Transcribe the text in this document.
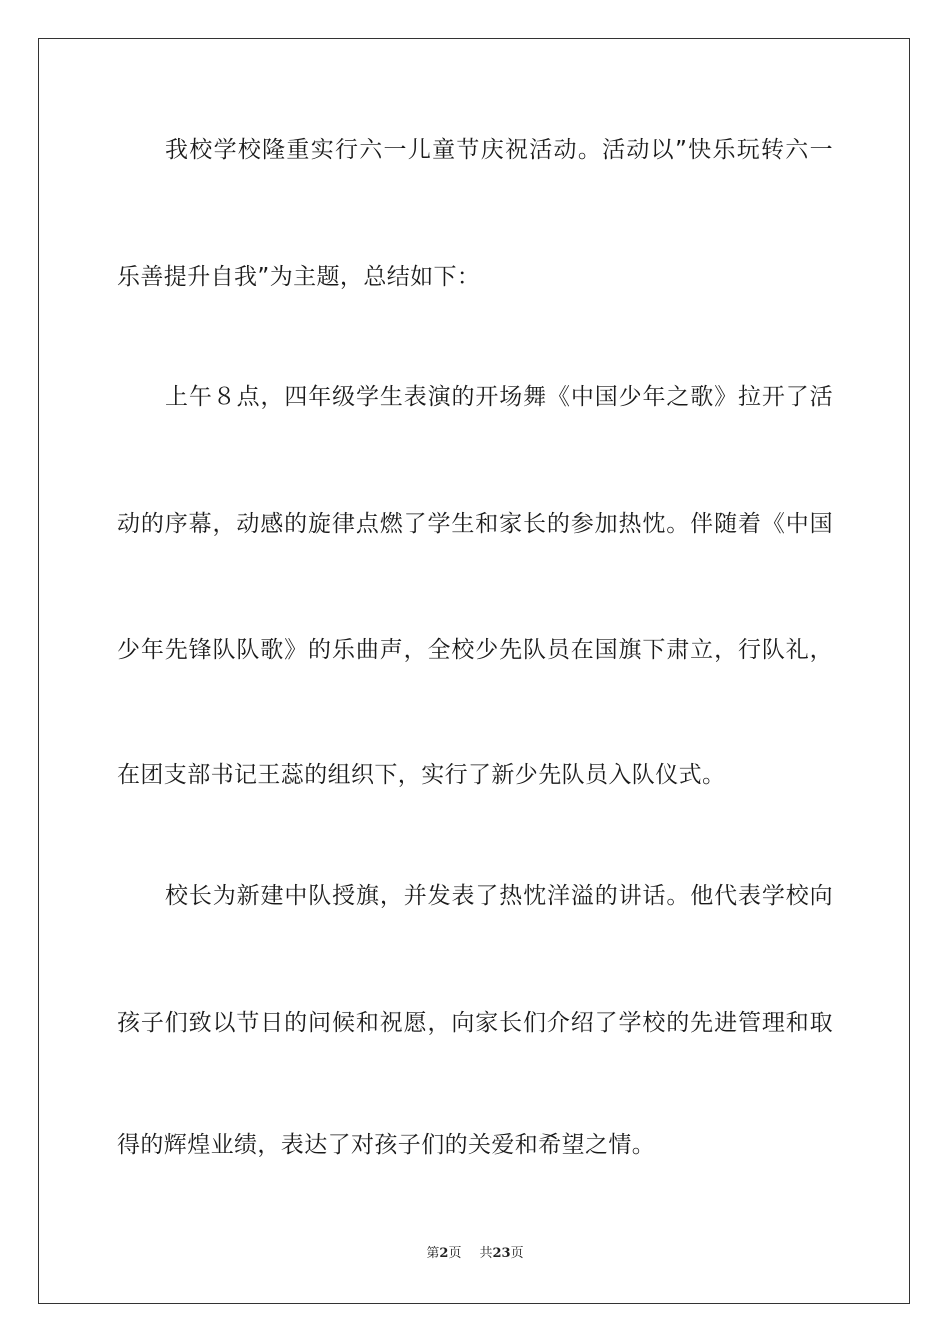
我校学校隆重实行六一儿童节庆祝活动。活动以”快乐玩转六一
乐善提升自我”为主题，总结如下：
上午８点，四年级学生表演的开场舞《中国少年之歌》拉开了活
动的序幕，动感的旋律点燃了学生和家长的参加热忱。伴随着《中国
少年先锋队队歌》的乐曲声，全校少先队员在国旗下肃立，行队礼，
在团支部书记王蕊的组织下，实行了新少先队员入队仪式。
校长为新建中队授旗，并发表了热忱洋溢的讲话。他代表学校向
孩子们致以节日的问候和祝愿，向家长们介绍了学校的先进管理和取
得的辉煌业绩，表达了对孩子们的关爱和希望之情。
第2页 共23页
